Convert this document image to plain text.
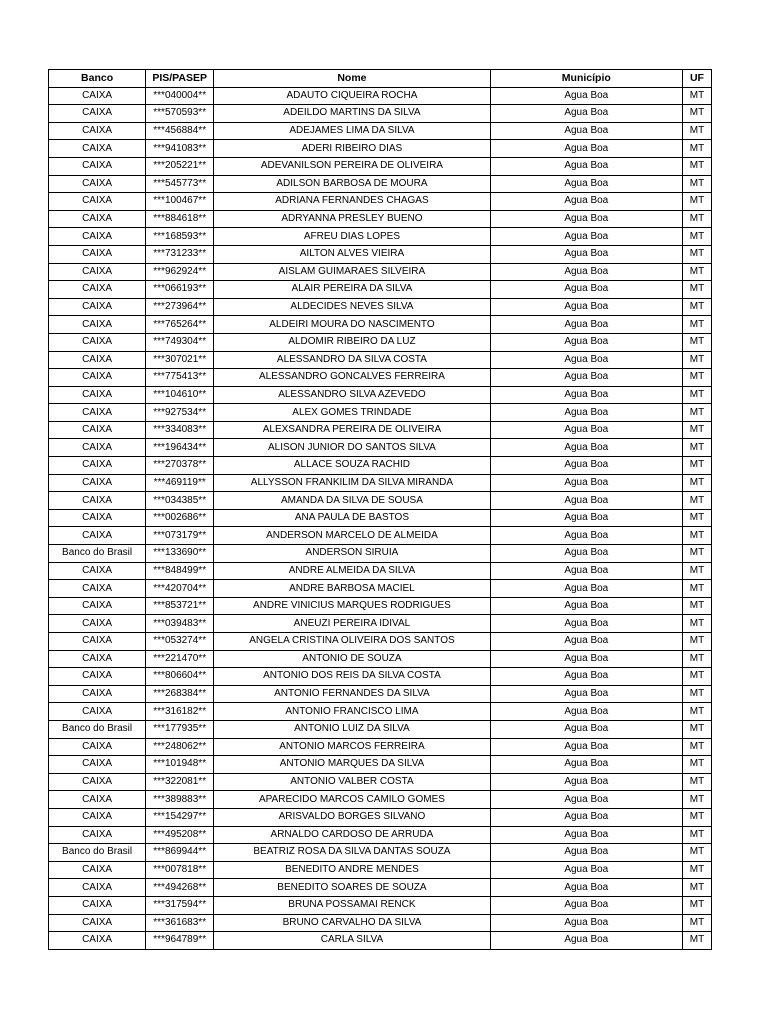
Banco	PIS/PASEP	Nome	Município	UF
CAIXA	***040004**	ADAUTO CIQUEIRA ROCHA	Agua Boa	MT
CAIXA	***570593**	ADEILDO MARTINS DA SILVA	Agua Boa	MT
CAIXA	***456884**	ADEJAMES LIMA DA SILVA	Agua Boa	MT
CAIXA	***941083**	ADERI RIBEIRO DIAS	Agua Boa	MT
CAIXA	***205221**	ADEVANILSON PEREIRA DE OLIVEIRA	Agua Boa	MT
CAIXA	***545773**	ADILSON BARBOSA DE MOURA	Agua Boa	MT
CAIXA	***100467**	ADRIANA FERNANDES CHAGAS	Agua Boa	MT
CAIXA	***884618**	ADRYANNA PRESLEY BUENO	Agua Boa	MT
CAIXA	***168593**	AFREU DIAS LOPES	Agua Boa	MT
CAIXA	***731233**	AILTON ALVES VIEIRA	Agua Boa	MT
CAIXA	***962924**	AISLAM GUIMARAES SILVEIRA	Agua Boa	MT
CAIXA	***066193**	ALAIR PEREIRA DA SILVA	Agua Boa	MT
CAIXA	***273964**	ALDECIDES NEVES SILVA	Agua Boa	MT
CAIXA	***765264**	ALDEIRI MOURA DO NASCIMENTO	Agua Boa	MT
CAIXA	***749304**	ALDOMIR RIBEIRO DA LUZ	Agua Boa	MT
CAIXA	***307021**	ALESSANDRO DA SILVA COSTA	Agua Boa	MT
CAIXA	***775413**	ALESSANDRO GONCALVES FERREIRA	Agua Boa	MT
CAIXA	***104610**	ALESSANDRO SILVA AZEVEDO	Agua Boa	MT
CAIXA	***927534**	ALEX GOMES TRINDADE	Agua Boa	MT
CAIXA	***334083**	ALEXSANDRA PEREIRA DE OLIVEIRA	Agua Boa	MT
CAIXA	***196434**	ALISON JUNIOR DO SANTOS SILVA	Agua Boa	MT
CAIXA	***270378**	ALLACE SOUZA RACHID	Agua Boa	MT
CAIXA	***469119**	ALLYSSON FRANKILIM DA SILVA MIRANDA	Agua Boa	MT
CAIXA	***034385**	AMANDA DA SILVA DE SOUSA	Agua Boa	MT
CAIXA	***002686**	ANA PAULA DE BASTOS	Agua Boa	MT
CAIXA	***073179**	ANDERSON MARCELO DE ALMEIDA	Agua Boa	MT
Banco do Brasil	***133690**	ANDERSON SIRUIA	Agua Boa	MT
CAIXA	***848499**	ANDRE ALMEIDA DA SILVA	Agua Boa	MT
CAIXA	***420704**	ANDRE BARBOSA MACIEL	Agua Boa	MT
CAIXA	***853721**	ANDRE VINICIUS MARQUES RODRIGUES	Agua Boa	MT
CAIXA	***039483**	ANEUZI PEREIRA IDIVAL	Agua Boa	MT
CAIXA	***053274**	ANGELA CRISTINA OLIVEIRA DOS SANTOS	Agua Boa	MT
CAIXA	***221470**	ANTONIO DE SOUZA	Agua Boa	MT
CAIXA	***806604**	ANTONIO DOS REIS DA SILVA COSTA	Agua Boa	MT
CAIXA	***268384**	ANTONIO FERNANDES DA SILVA	Agua Boa	MT
CAIXA	***316182**	ANTONIO FRANCISCO LIMA	Agua Boa	MT
Banco do Brasil	***177935**	ANTONIO LUIZ DA SILVA	Agua Boa	MT
CAIXA	***248062**	ANTONIO MARCOS FERREIRA	Agua Boa	MT
CAIXA	***101948**	ANTONIO MARQUES DA SILVA	Agua Boa	MT
CAIXA	***322081**	ANTONIO VALBER COSTA	Agua Boa	MT
CAIXA	***389883**	APARECIDO MARCOS CAMILO GOMES	Agua Boa	MT
CAIXA	***154297**	ARISVALDO BORGES SILVANO	Agua Boa	MT
CAIXA	***495208**	ARNALDO CARDOSO DE ARRUDA	Agua Boa	MT
Banco do Brasil	***869944**	BEATRIZ ROSA DA SILVA DANTAS SOUZA	Agua Boa	MT
CAIXA	***007818**	BENEDITO ANDRE MENDES	Agua Boa	MT
CAIXA	***494268**	BENEDITO SOARES DE SOUZA	Agua Boa	MT
CAIXA	***317594**	BRUNA POSSAMAI RENCK	Agua Boa	MT
CAIXA	***361683**	BRUNO CARVALHO DA SILVA	Agua Boa	MT
CAIXA	***964789**	CARLA SILVA	Agua Boa	MT
